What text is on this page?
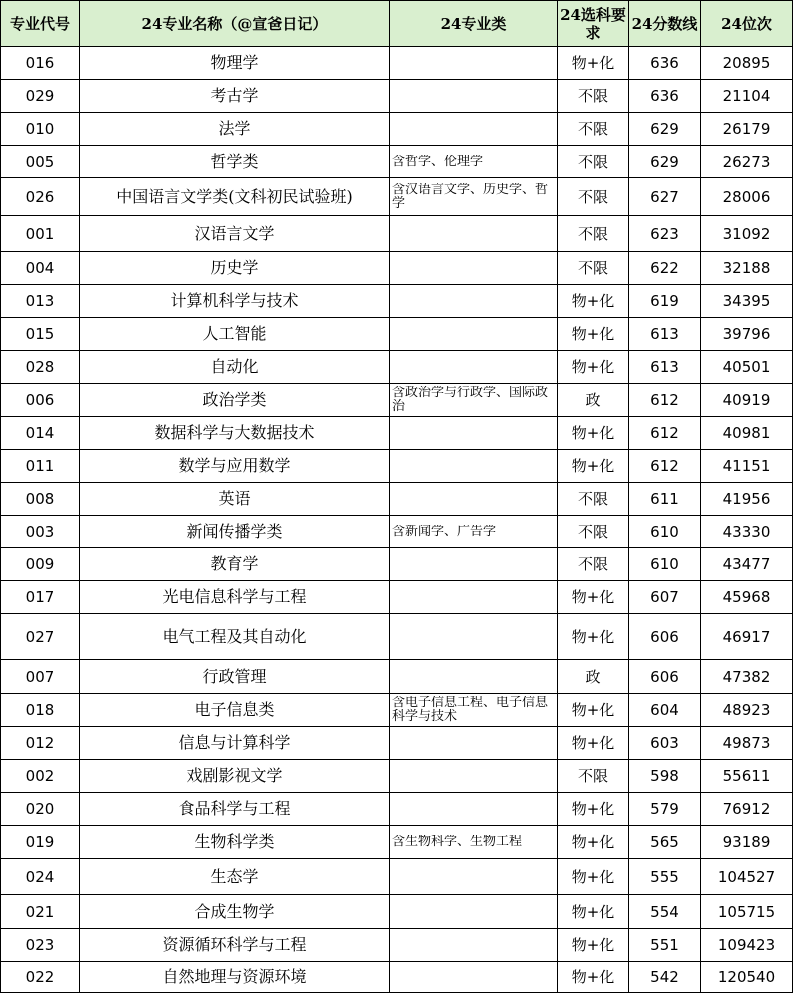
专业代号	24专业名称（@宣爸日记）	24专业类	24选科要求	24分数线	24位次
016	物理学		物+化	636	20895
029	考古学		不限	636	21104
010	法学		不限	629	26179
005	哲学类	含哲学、伦理学	不限	629	26273
026	中国语言文学类(文科初民试验班)	含汉语言文学、历史学、哲学	不限	627	28006
001	汉语言文学		不限	623	31092
004	历史学		不限	622	32188
013	计算机科学与技术		物+化	619	34395
015	人工智能		物+化	613	39796
028	自动化		物+化	613	40501
006	政治学类	含政治学与行政学、国际政治	政	612	40919
014	数据科学与大数据技术		物+化	612	40981
011	数学与应用数学		物+化	612	41151
008	英语		不限	611	41956
003	新闻传播学类	含新闻学、广告学	不限	610	43330
009	教育学		不限	610	43477
017	光电信息科学与工程		物+化	607	45968
027	电气工程及其自动化		物+化	606	46917
007	行政管理		政	606	47382
018	电子信息类	含电子信息工程、电子信息科学与技术	物+化	604	48923
012	信息与计算科学		物+化	603	49873
002	戏剧影视文学		不限	598	55611
020	食品科学与工程		物+化	579	76912
019	生物科学类	含生物科学、生物工程	物+化	565	93189
024	生态学		物+化	555	104527
021	合成生物学		物+化	554	105715
023	资源循环科学与工程		物+化	551	109423
022	自然地理与资源环境		物+化	542	120540
